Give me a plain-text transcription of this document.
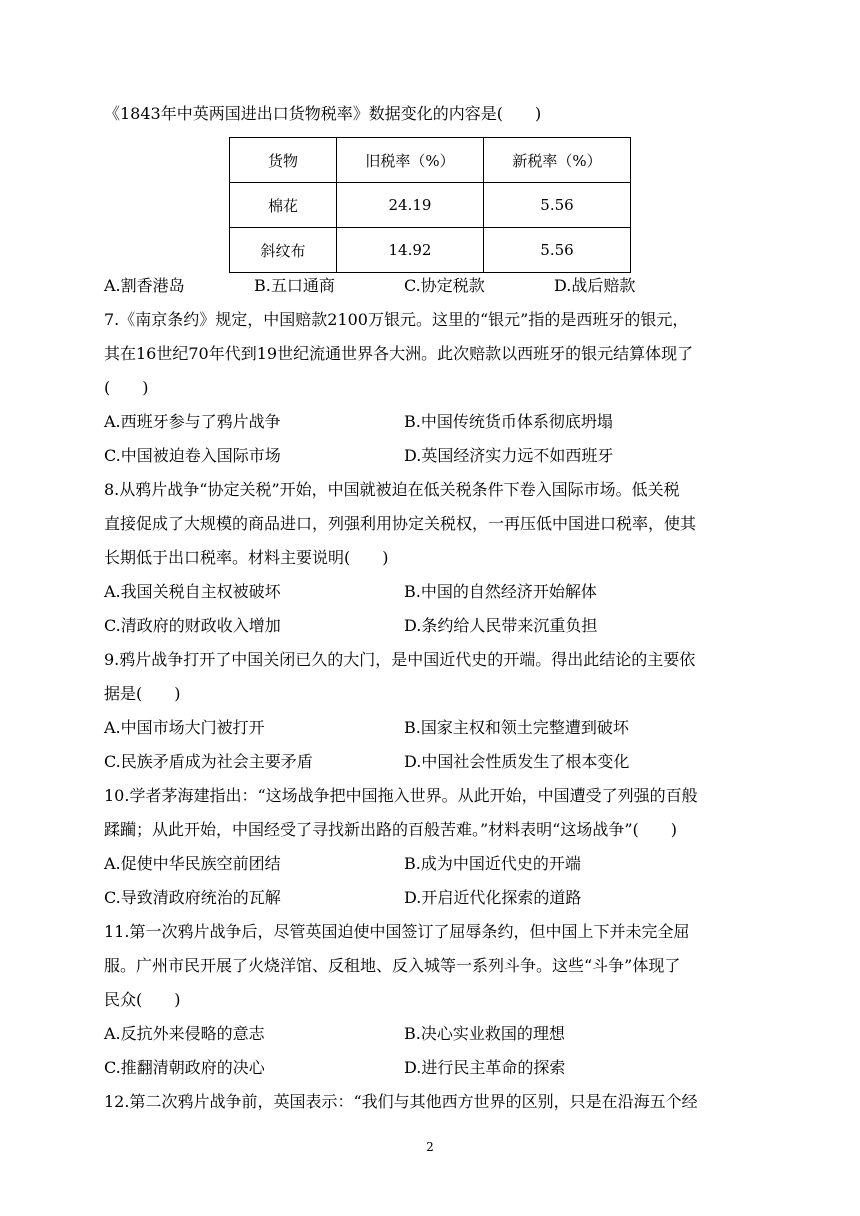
《1843年中英两国进出口货物税率》数据变化的内容是(　　)
货物	旧税率（%）	新税率（%）
棉花	24.19	5.56
斜纹布	14.92	5.56
A.割香港岛	B.五口通商	C.协定税款	D.战后赔款
7.《南京条约》规定，中国赔款2100万银元。这里的“银元”指的是西班牙的银元，
其在16世纪70年代到19世纪流通世界各大洲。此次赔款以西班牙的银元结算体现了
(　　)
A.西班牙参与了鸦片战争	B.中国传统货币体系彻底坍塌
C.中国被迫卷入国际市场	D.英国经济实力远不如西班牙
8.从鸦片战争“协定关税”开始，中国就被迫在低关税条件下卷入国际市场。低关税
直接促成了大规模的商品进口，列强利用协定关税权，一再压低中国进口税率，使其
长期低于出口税率。材料主要说明(　　)
A.我国关税自主权被破坏	B.中国的自然经济开始解体
C.清政府的财政收入增加	D.条约给人民带来沉重负担
9.鸦片战争打开了中国关闭已久的大门，是中国近代史的开端。得出此结论的主要依
据是(　　)
A.中国市场大门被打开	B.国家主权和领土完整遭到破坏
C.民族矛盾成为社会主要矛盾	D.中国社会性质发生了根本变化
10.学者茅海建指出：“这场战争把中国拖入世界。从此开始，中国遭受了列强的百般
蹂躏；从此开始，中国经受了寻找新出路的百般苦难。”材料表明“这场战争”(　　)
A.促使中华民族空前团结	B.成为中国近代史的开端
C.导致清政府统治的瓦解	D.开启近代化探索的道路
11.第一次鸦片战争后，尽管英国迫使中国签订了屈辱条约，但中国上下并未完全屈
服。广州市民开展了火烧洋馆、反租地、反入城等一系列斗争。这些“斗争”体现了
民众(　　)
A.反抗外来侵略的意志	B.决心实业救国的理想
C.推翻清朝政府的决心	D.进行民主革命的探索
12.第二次鸦片战争前，英国表示：“我们与其他西方世界的区别，只是在沿海五个经
2
